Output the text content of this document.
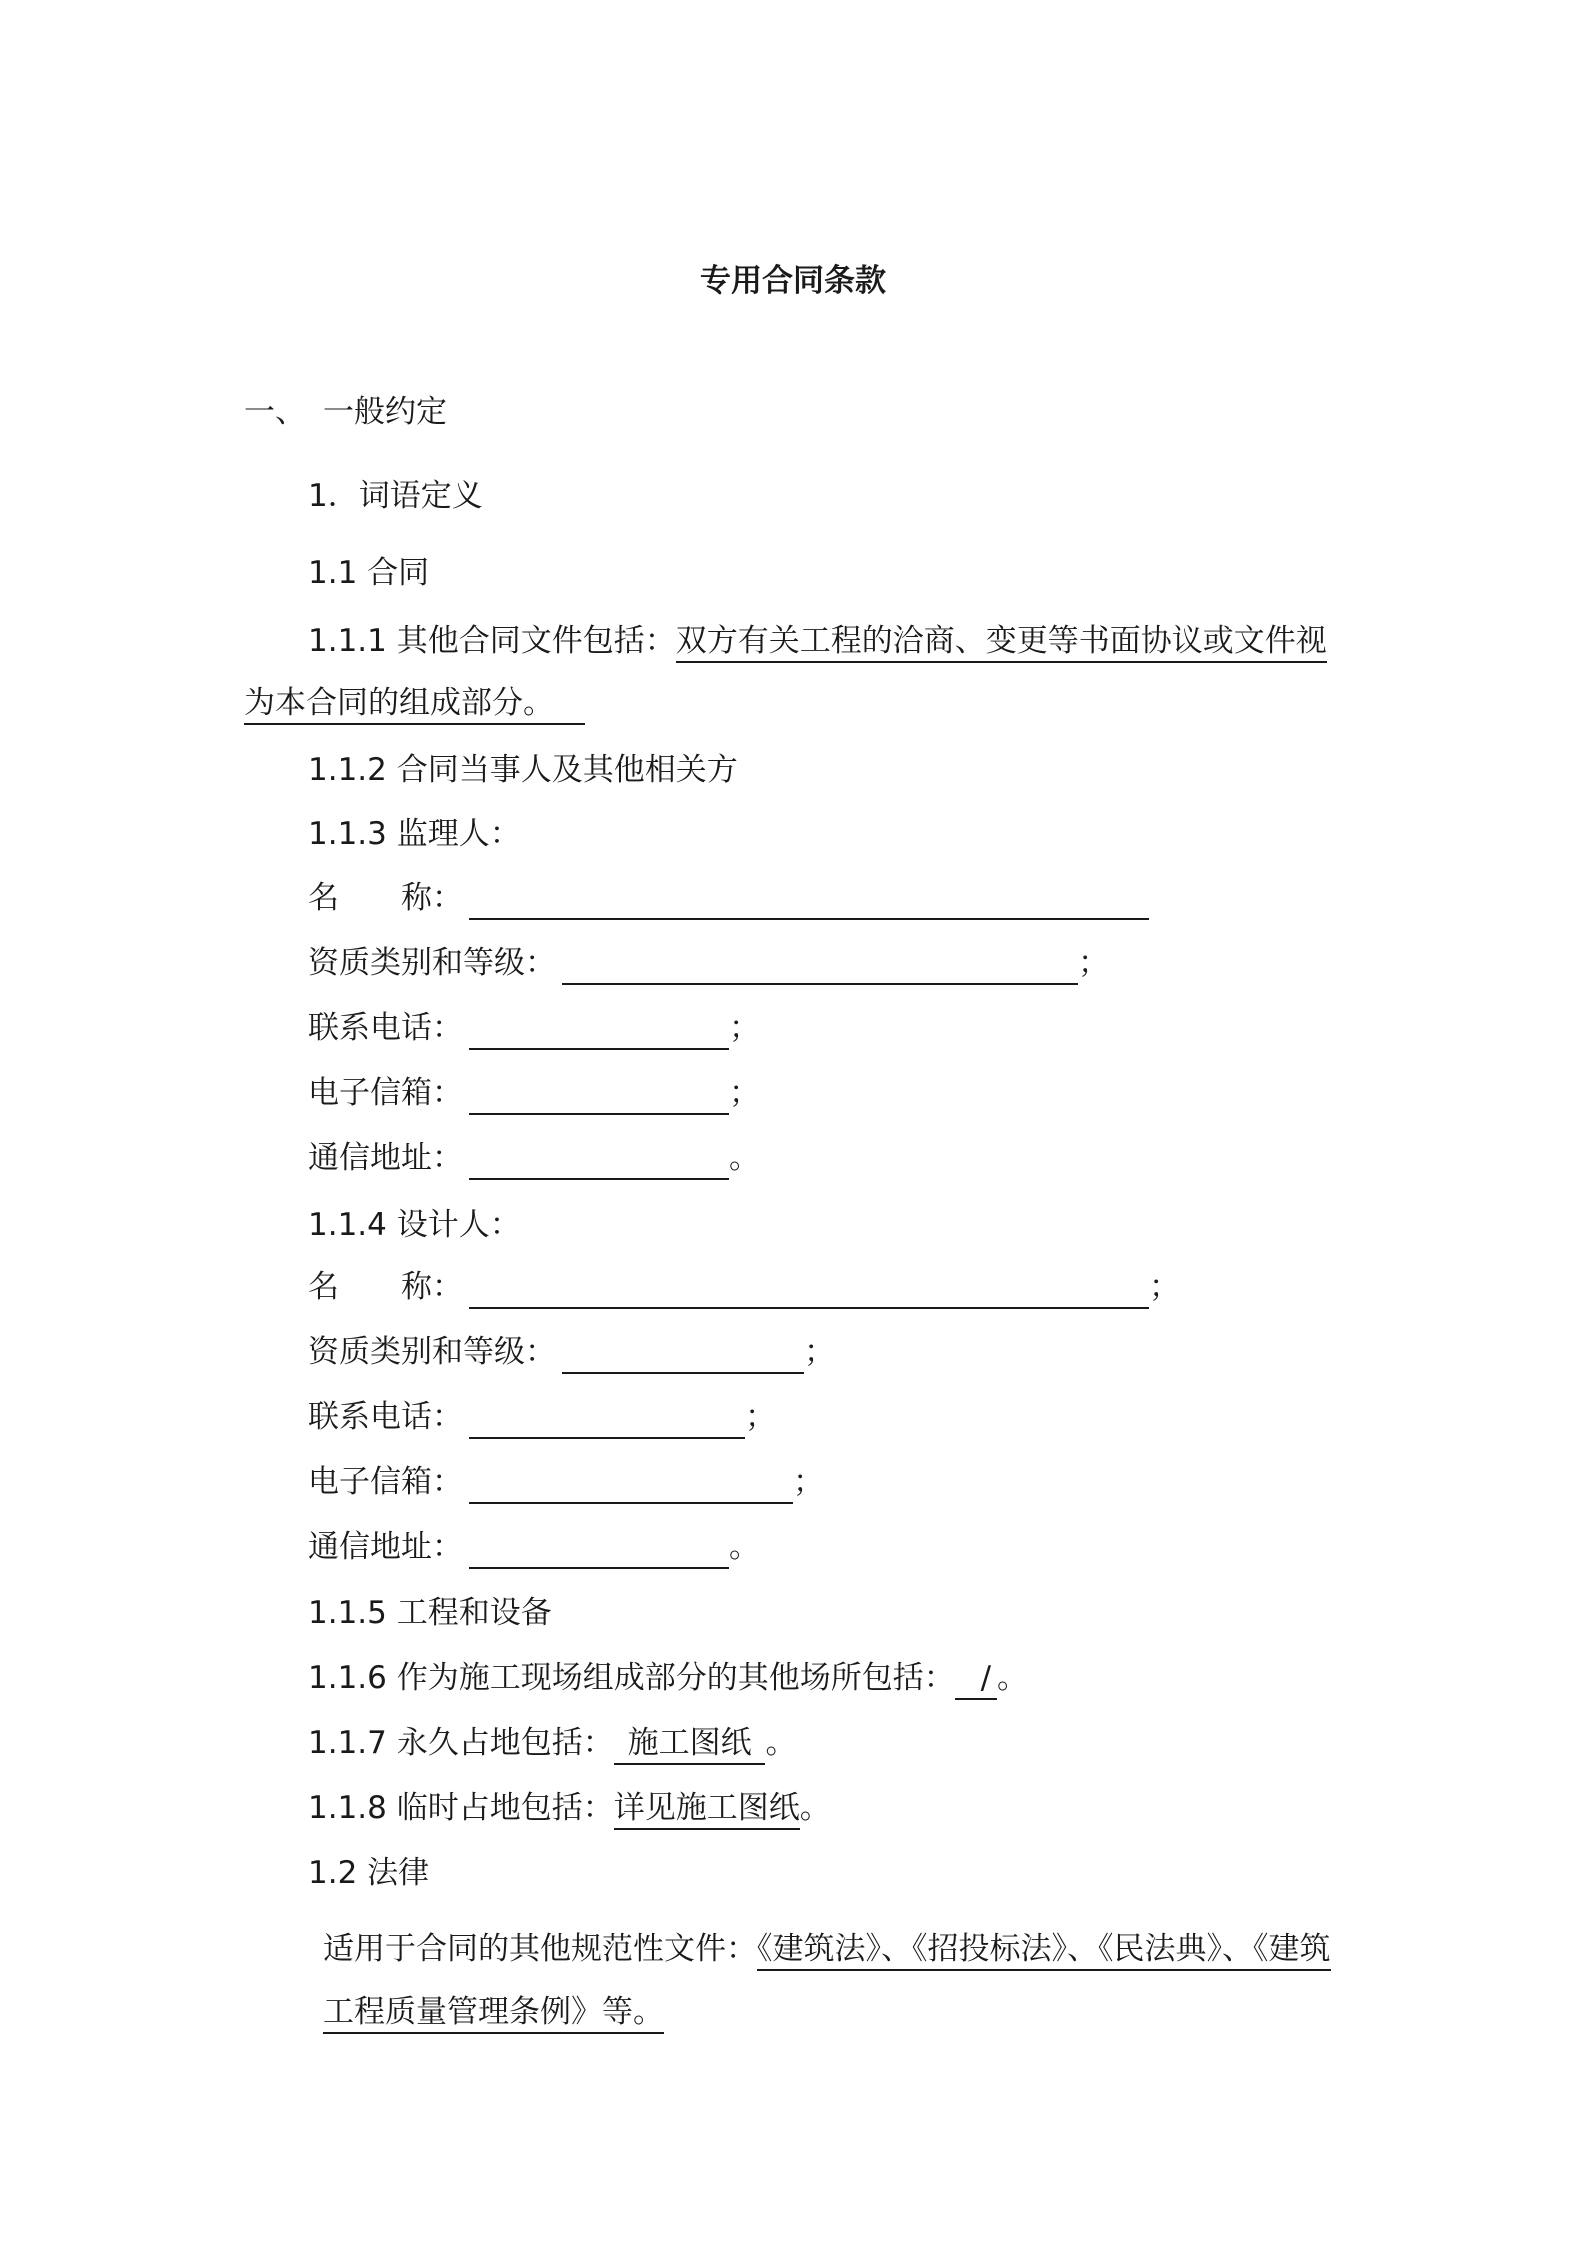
专用合同条款
一、 一般约定
1．词语定义
1.1 合同
1.1.1 其他合同文件包括：双方有关工程的洽商、变更等书面协议或文件视
为本合同的组成部分。 
1.1.2 合同当事人及其他相关方
1.1.3 监理人：
名　　称：
资质类别和等级：	；
联系电话：	；
电子信箱：	；
通信地址：	。
1.1.4 设计人：
名　　称：	；
资质类别和等级：	；
联系电话：	；
电子信箱：	；
通信地址：	。
1.1.5 工程和设备
1.1.6 作为施工现场组成部分的其他场所包括： / 。
1.1.7 永久占地包括： 施工图纸 。
1.1.8 临时占地包括：详见施工图纸。
1.2 法律
适用于合同的其他规范性文件：《建筑法》、《招投标法》、《民法典》、《建筑
工程质量管理条例》等。
